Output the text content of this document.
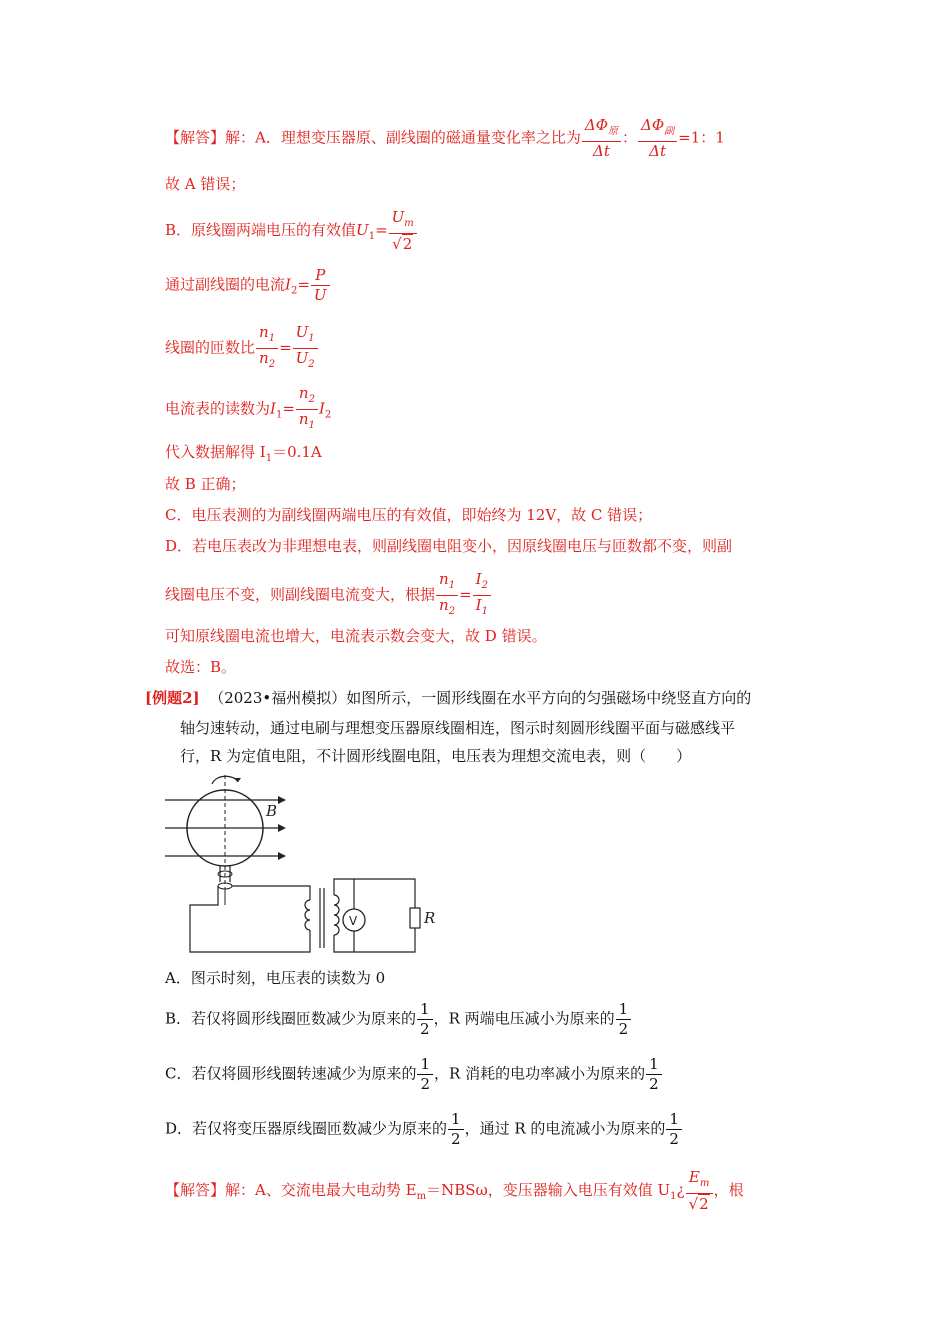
【解答】解：A．理想变压器原、副线圈的磁通量变化率之比为 $\frac{\Delta\Phi_原}{\Delta t}$ ： $\frac{\Delta\Phi_副}{\Delta t} =1$：1
故 A 错误；
B．原线圈两端电压的有效值$U_1= \frac{U_m}{√2}$
通过副线圈的电流$I_2= \frac{P}{U}$
线圈的匝数比 $\frac{n_1}{n_2} = \frac{U_1}{U_2}$
电流表的读数为$I_1= \frac{n_2}{n_1} I_2$
代入数据解得 $I_1=0.1A$
故 B 正确；
C．电压表测的为副线圈两端电压的有效值，即始终为 12V，故 C 错误；
D．若电压表改为非理想电表，则副线圈电阻变小，因原线圈电压与匝数都不变，则副
线圈电压不变，则副线圈电流变大，根据 $\frac{n_1}{n_2} = \frac{I_2}{I_1}$
可知原线圈电流也增大，电流表示数会变大，故 D 错误。
故选：B。
[例题2] （2023•福州模拟）如图所示，一圆形线圈在水平方向的匀强磁场中绕竖直方向的
轴匀速转动，通过电刷与理想变压器原线圈相连，图示时刻圆形线圈平面与磁感线平
行，R 为定值电阻，不计圆形线圈电阻，电压表为理想交流电表，则（　　）
B
R
V
A．图示时刻，电压表的读数为 0
B．若仅将圆形线圈匝数减少为原来的 $\frac{1}{2}$ ，R 两端电压减小为原来的 $\frac{1}{2}$
C．若仅将圆形线圈转速减少为原来的 $\frac{1}{2}$ ，R 消耗的电功率减小为原来的 $\frac{1}{2}$
D．若仅将变压器原线圈匝数减少为原来的 $\frac{1}{2}$ ，通过 R 的电流减小为原来的 $\frac{1}{2}$
【解答】解：A、交流电最大电动势 $E_m=NBS\omega$，变压器输入电压有效值 $U_1¿ \frac{E_m}{√2}$ ，根
